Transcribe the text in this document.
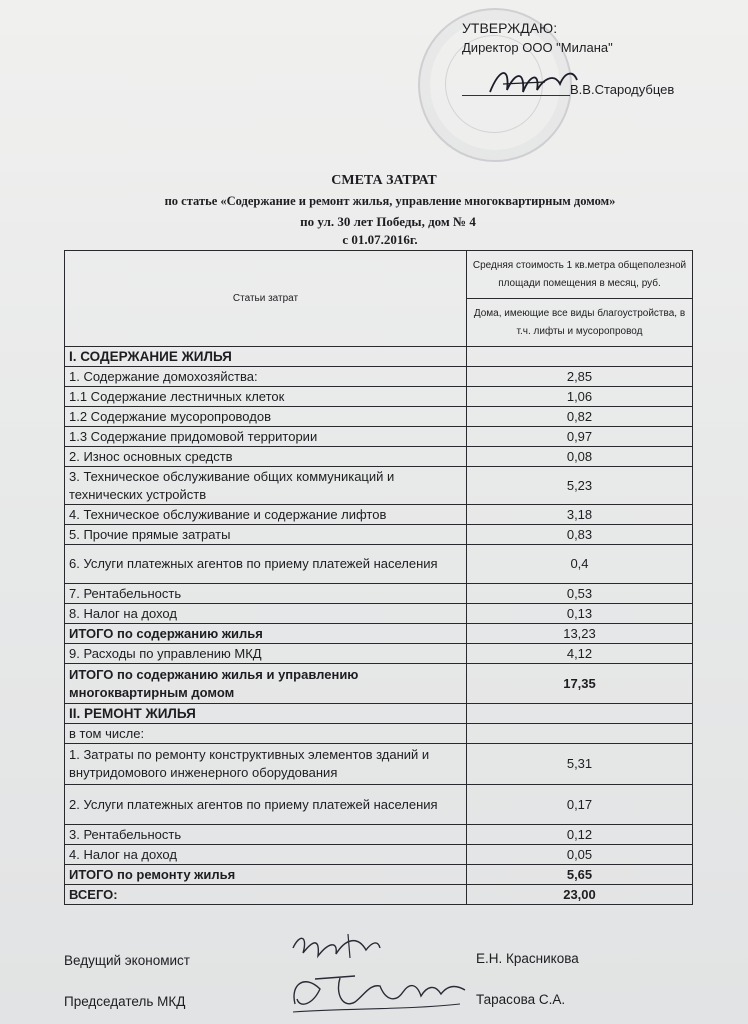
УТВЕРЖДАЮ:
Директор ООО "Милана"
В.В.Стародубцев
СМЕТА ЗАТРАТ
по статье «Содержание и ремонт жилья, управление многоквартирным домом»
по ул. 30 лет Победы, дом № 4
с 01.07.2016г.
Статьи затрат	Средняя стоимость 1 кв.метра общеполезной площади помещения в месяц, руб.
	Дома, имеющие все виды благоустройства, в т.ч. лифты и мусоропровод
I. СОДЕРЖАНИЕ ЖИЛЬЯ	
1. Содержание домохозяйства:	2,85
1.1 Содержание лестничных клеток	1,06
1.2 Содержание мусоропроводов	0,82
1.3 Содержание придомовой территории	0,97
2. Износ основных средств	0,08
3. Техническое обслуживание общих коммуникаций и технических устройств	5,23
4. Техническое обслуживание и содержание лифтов	3,18
5. Прочие прямые затраты	0,83
6. Услуги платежных агентов по приему платежей населения	0,4
7. Рентабельность	0,53
8. Налог на доход	0,13
ИТОГО по содержанию жилья	13,23
9. Расходы по управлению МКД	4,12
ИТОГО по содержанию жилья и управлению многоквартирным домом	17,35
II. РЕМОНТ ЖИЛЬЯ	
в том числе:	
1. Затраты по ремонту конструктивных элементов зданий и внутридомового инженерного оборудования	5,31
2. Услуги платежных агентов по приему платежей населения	0,17
3. Рентабельность	0,12
4. Налог на доход	0,05
ИТОГО по ремонту жилья	5,65
ВСЕГО:	23,00
Ведущий экономист	Е.Н. Красникова
Председатель МКД	Тарасова С.А.
